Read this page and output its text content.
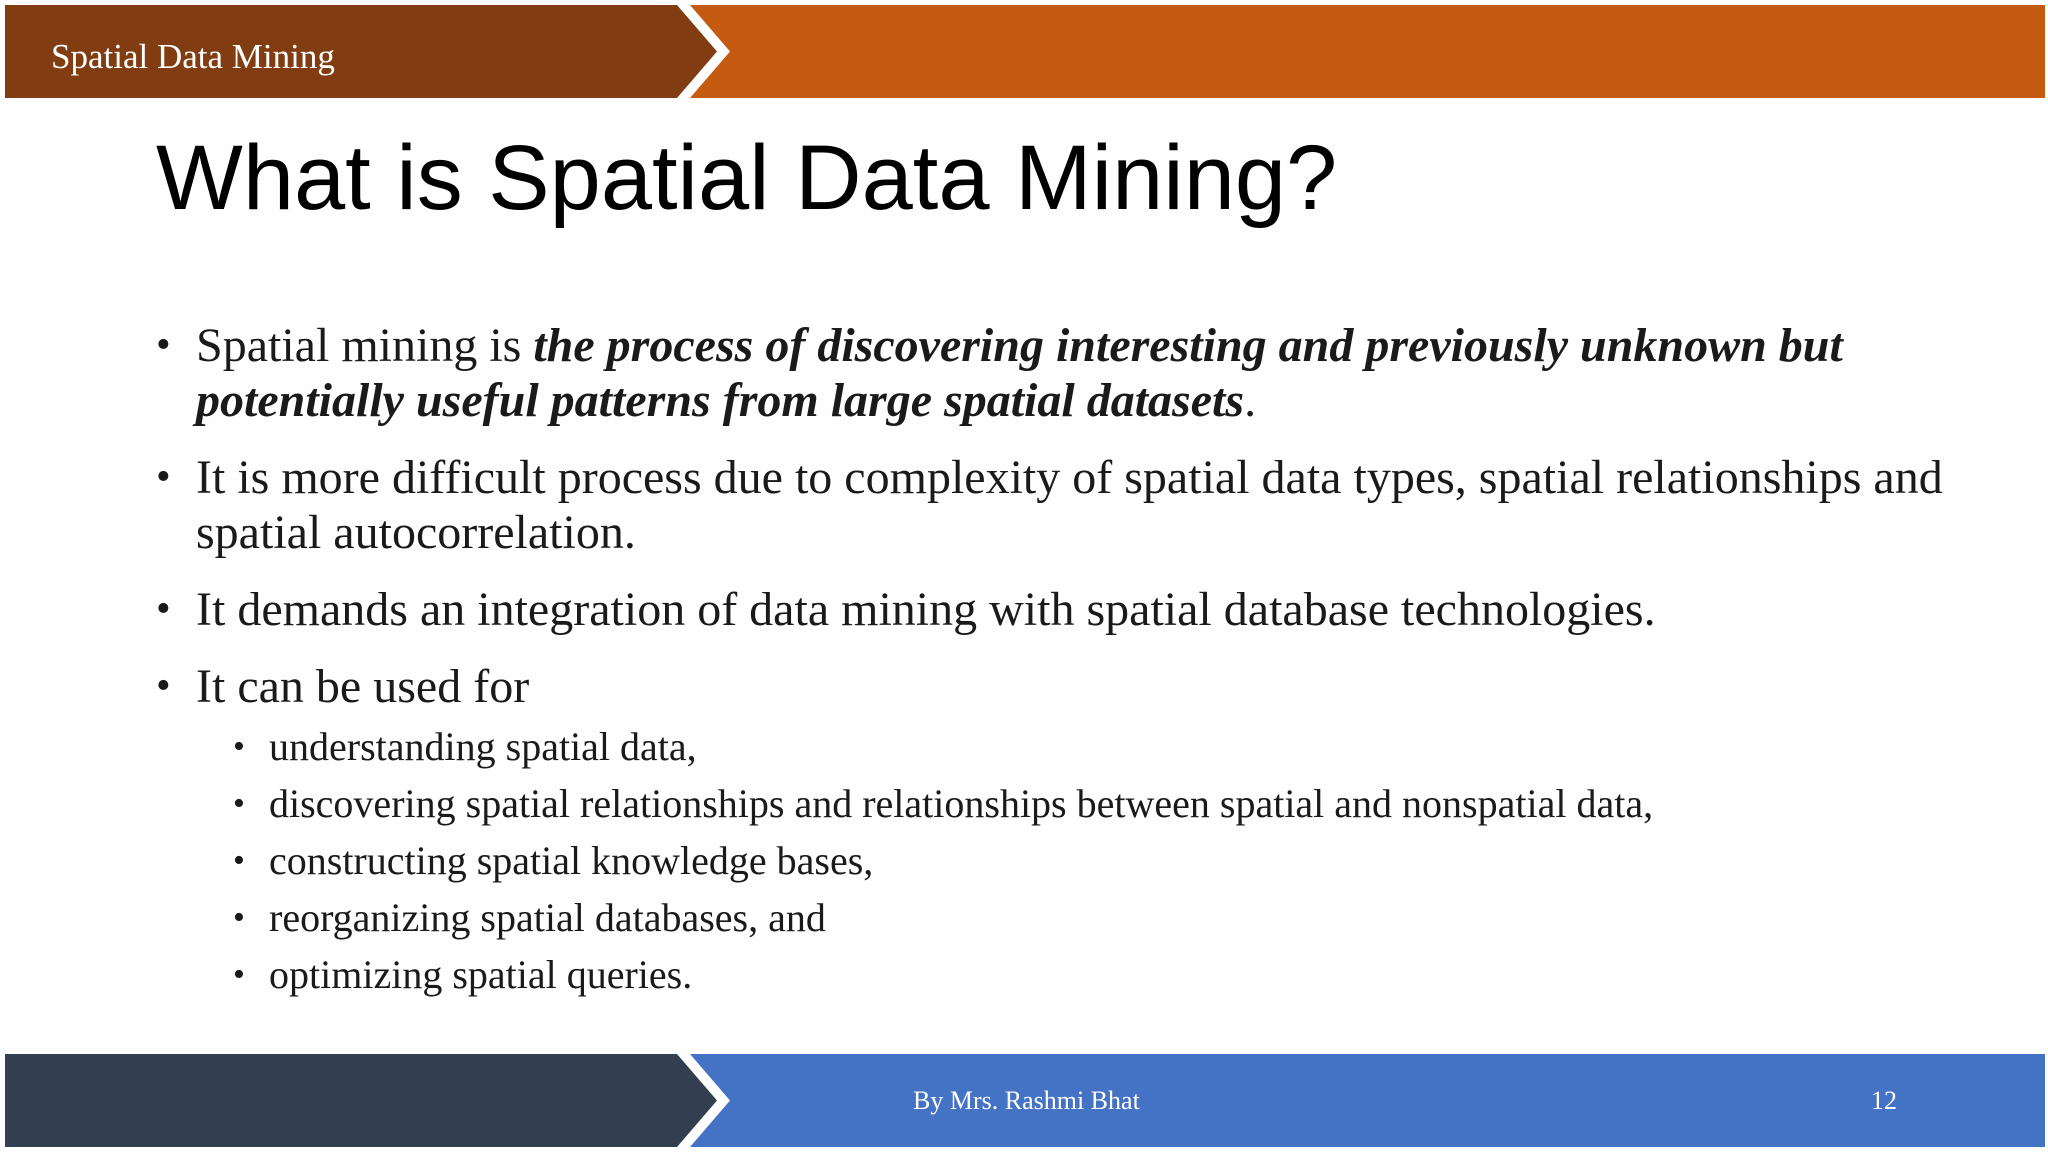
Spatial Data Mining
What is Spatial Data Mining?
• Spatial mining is the process of discovering interesting and previously unknown but potentially useful patterns from large spatial datasets.
• It is more difficult process due to complexity of spatial data types, spatial relationships and spatial autocorrelation.
• It demands an integration of data mining with spatial database technologies.
• It can be used for
• understanding spatial data,
• discovering spatial relationships and relationships between spatial and nonspatial data,
• constructing spatial knowledge bases,
• reorganizing spatial databases, and
• optimizing spatial queries.
By Mrs. Rashmi Bhat	12
